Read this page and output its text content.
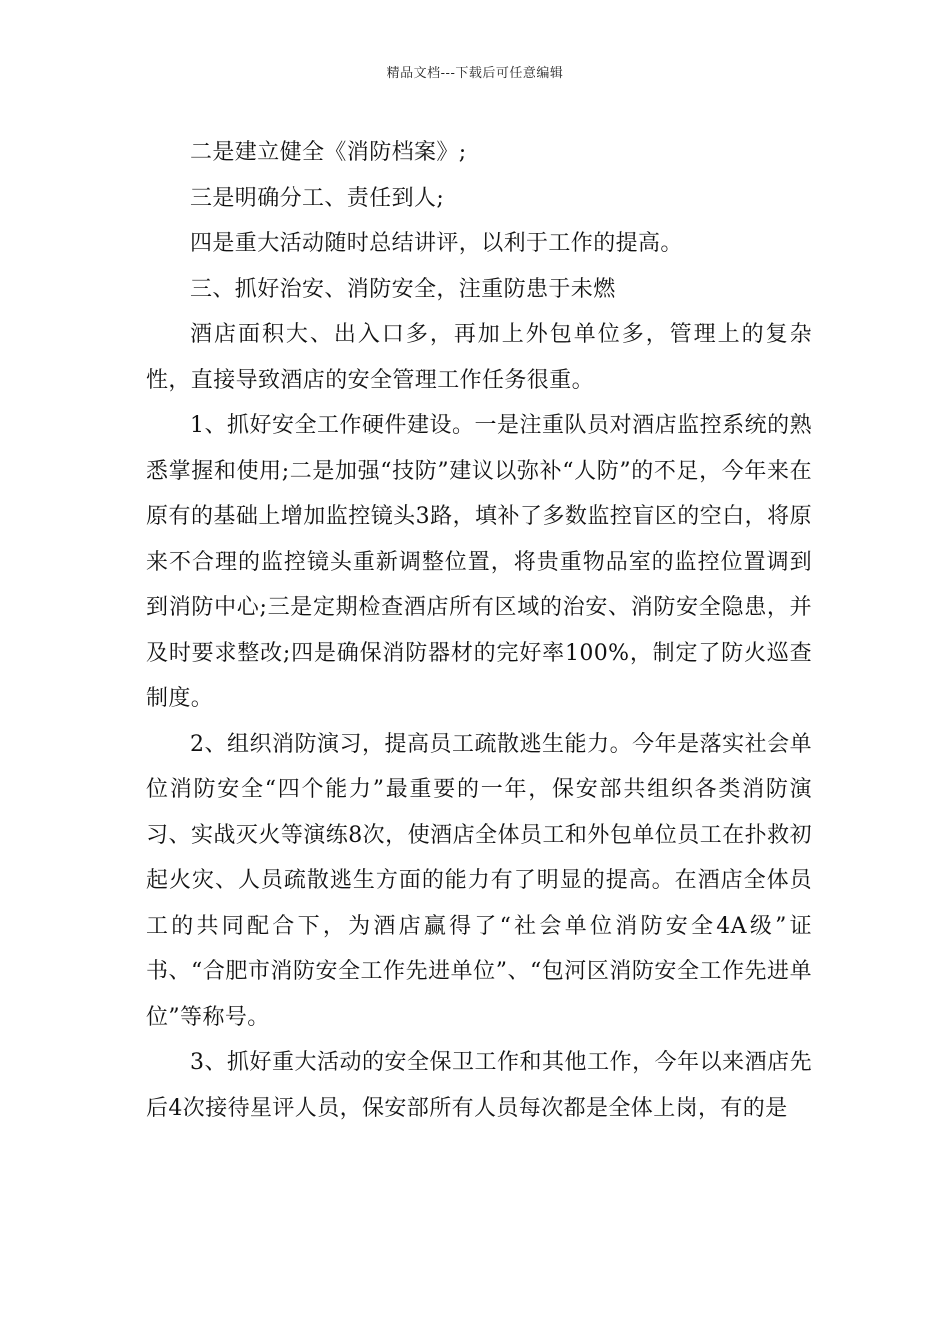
精品文档---下载后可任意编辑

二是建立健全《消防档案》;

三是明确分工、责任到人;

四是重大活动随时总结讲评，以利于工作的提高。

三、抓好治安、消防安全，注重防患于未燃

酒店面积大、出入口多，再加上外包单位多，管理上的复杂性，直接导致酒店的安全管理工作任务很重。

1、抓好安全工作硬件建设。一是注重队员对酒店监控系统的熟悉掌握和使用;二是加强“技防”建议以弥补“人防”的不足，今年来在原有的基础上增加监控镜头3路，填补了多数监控盲区的空白，将原来不合理的监控镜头重新调整位置，将贵重物品室的监控位置调到到消防中心;三是定期检查酒店所有区域的治安、消防安全隐患，并及时要求整改;四是确保消防器材的完好率100%，制定了防火巡查制度。

2、组织消防演习，提高员工疏散逃生能力。今年是落实社会单位消防安全“四个能力”最重要的一年，保安部共组织各类消防演习、实战灭火等演练8次，使酒店全体员工和外包单位员工在扑救初起火灾、人员疏散逃生方面的能力有了明显的提高。在酒店全体员工的共同配合下，为酒店赢得了“社会单位消防安全4A级”证书、“合肥市消防安全工作先进单位”、“包河区消防安全工作先进单位”等称号。

3、抓好重大活动的安全保卫工作和其他工作，今年以来酒店先后4次接待星评人员，保安部所有人员每次都是全体上岗，有的是
